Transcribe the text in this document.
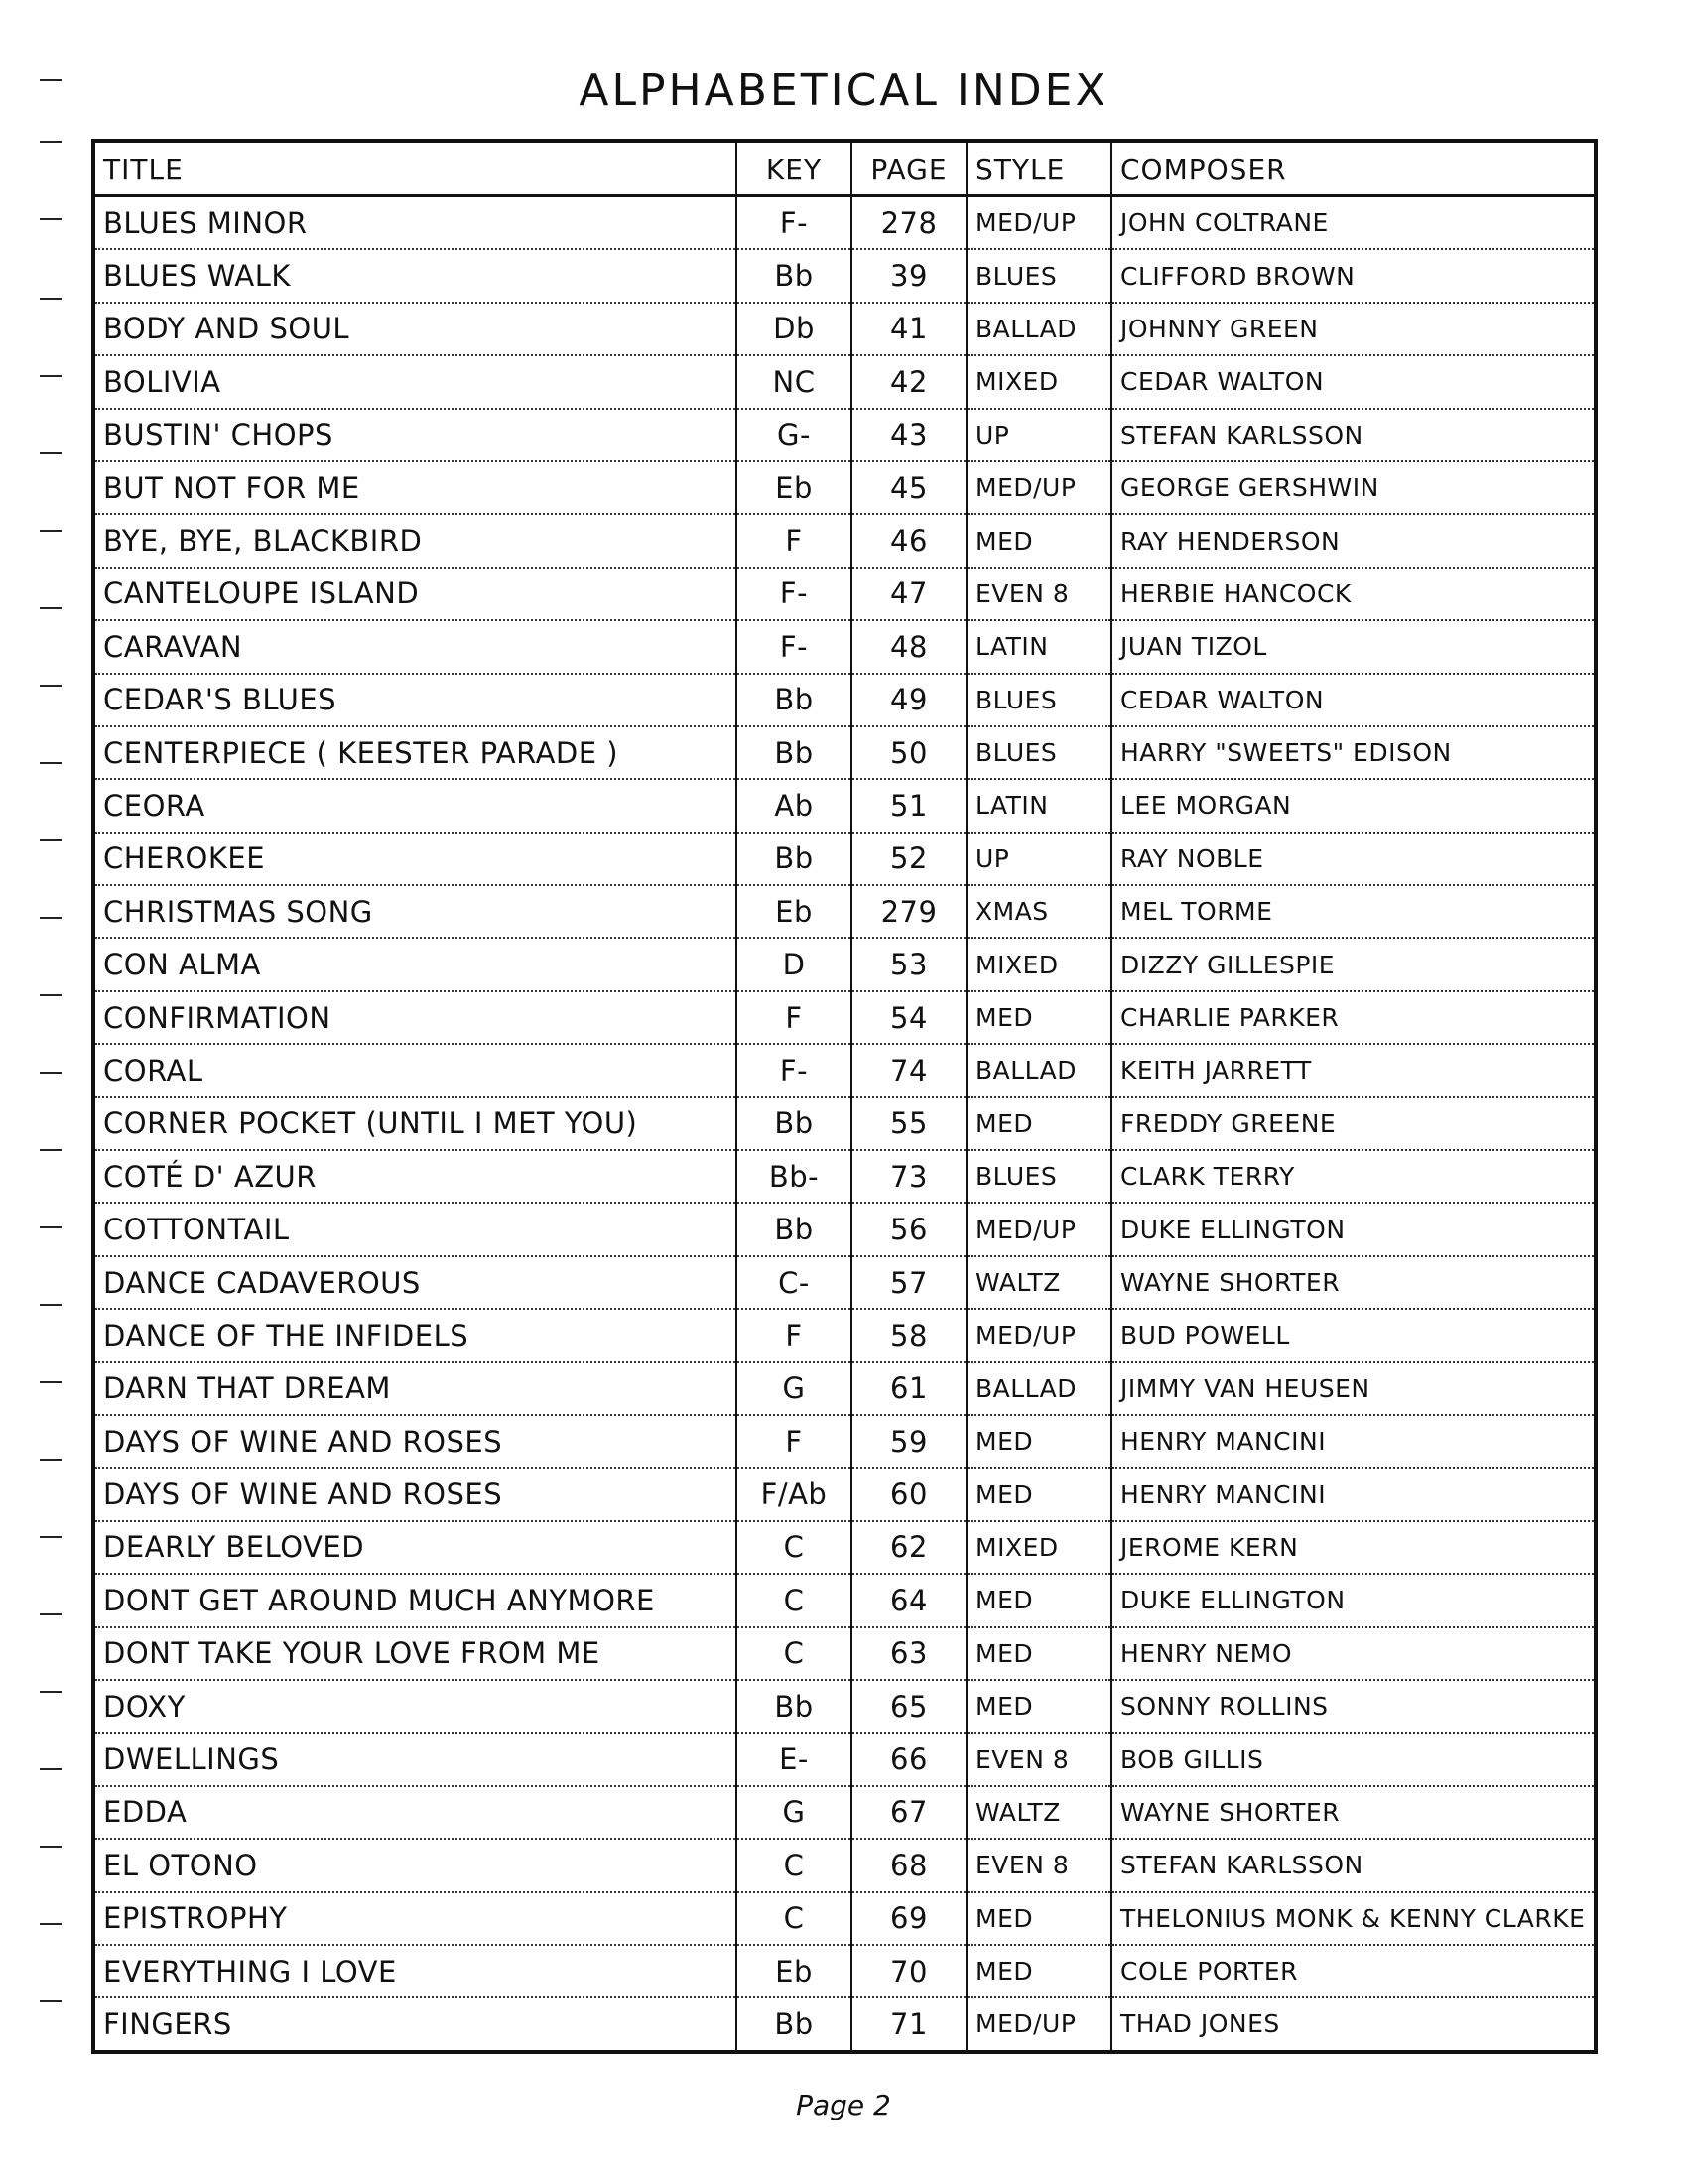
ALPHABETICAL INDEX
TITLE	KEY	PAGE	STYLE	COMPOSER
BLUES MINOR	F-	278	MED/UP	JOHN COLTRANE
BLUES WALK	Bb	39	BLUES	CLIFFORD BROWN
BODY AND SOUL	Db	41	BALLAD	JOHNNY GREEN
BOLIVIA	NC	42	MIXED	CEDAR WALTON
BUSTIN' CHOPS	G-	43	UP	STEFAN KARLSSON
BUT NOT FOR ME	Eb	45	MED/UP	GEORGE GERSHWIN
BYE, BYE, BLACKBIRD	F	46	MED	RAY HENDERSON
CANTELOUPE ISLAND	F-	47	EVEN 8	HERBIE HANCOCK
CARAVAN	F-	48	LATIN	JUAN TIZOL
CEDAR'S BLUES	Bb	49	BLUES	CEDAR WALTON
CENTERPIECE ( KEESTER PARADE )	Bb	50	BLUES	HARRY "SWEETS" EDISON
CEORA	Ab	51	LATIN	LEE MORGAN
CHEROKEE	Bb	52	UP	RAY NOBLE
CHRISTMAS SONG	Eb	279	XMAS	MEL TORME
CON ALMA	D	53	MIXED	DIZZY GILLESPIE
CONFIRMATION	F	54	MED	CHARLIE PARKER
CORAL	F-	74	BALLAD	KEITH JARRETT
CORNER POCKET (UNTIL I MET YOU)	Bb	55	MED	FREDDY GREENE
COTÉ D' AZUR	Bb-	73	BLUES	CLARK TERRY
COTTONTAIL	Bb	56	MED/UP	DUKE ELLINGTON
DANCE CADAVEROUS	C-	57	WALTZ	WAYNE SHORTER
DANCE OF THE INFIDELS	F	58	MED/UP	BUD POWELL
DARN THAT DREAM	G	61	BALLAD	JIMMY VAN HEUSEN
DAYS OF WINE AND ROSES	F	59	MED	HENRY MANCINI
DAYS OF WINE AND ROSES	F/Ab	60	MED	HENRY MANCINI
DEARLY BELOVED	C	62	MIXED	JEROME KERN
DONT GET AROUND MUCH ANYMORE	C	64	MED	DUKE ELLINGTON
DONT TAKE YOUR LOVE FROM ME	C	63	MED	HENRY NEMO
DOXY	Bb	65	MED	SONNY ROLLINS
DWELLINGS	E-	66	EVEN 8	BOB GILLIS
EDDA	G	67	WALTZ	WAYNE SHORTER
EL OTONO	C	68	EVEN 8	STEFAN KARLSSON
EPISTROPHY	C	69	MED	THELONIUS MONK & KENNY CLARKE
EVERYTHING I LOVE	Eb	70	MED	COLE PORTER
FINGERS	Bb	71	MED/UP	THAD JONES
Page 2
